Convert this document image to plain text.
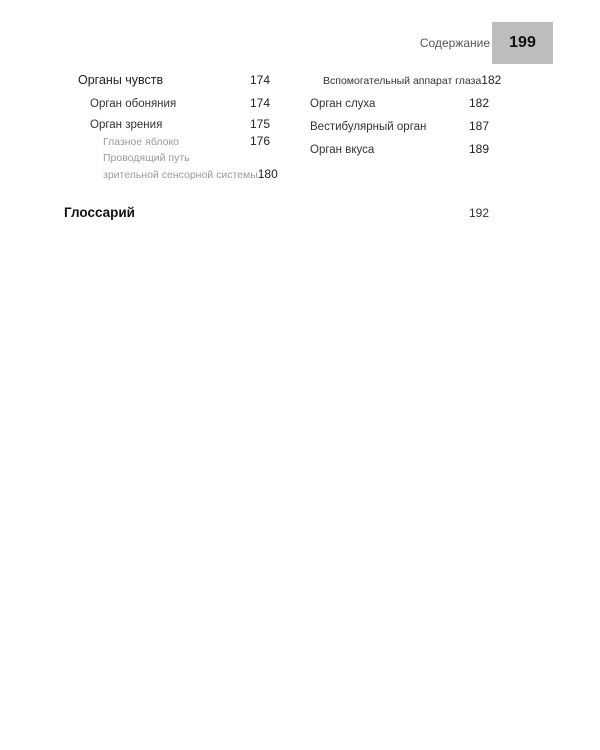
Содержание 199
Органы чувств	174
Орган обоняния	174
Орган зрения	175
Глазное яблоко	176
Проводящий путь
зрительной сенсорной системы 180
Вспомогательный аппарат глаза 182
Орган слуха	182
Вестибулярный орган	187
Орган вкуса	189
Глоссарий	192
